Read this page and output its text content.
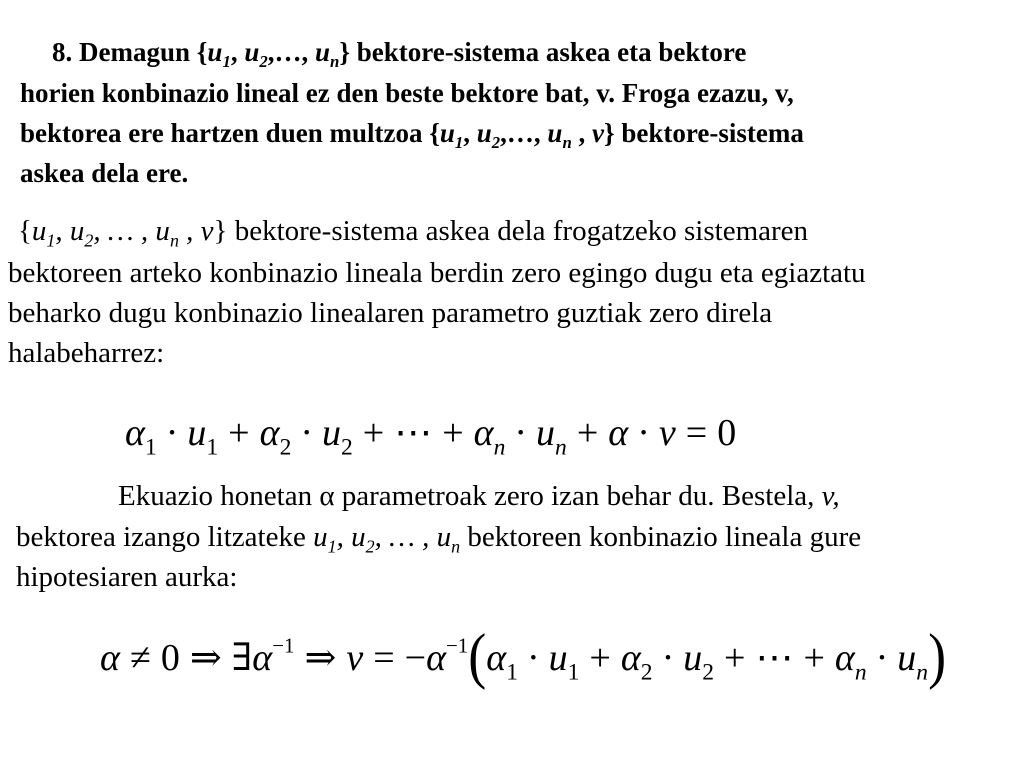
8. Demagun {$u_1$, $u_2,\dots$, $u_n$} bektore-sistema askea eta bektore
horien konbinazio lineal ez den beste bektore bat, v. Froga ezazu, v,
bektorea ere hartzen duen multzoa {$u_1$, $u_2,\dots$, $u_n$ , v} bektore-sistema
askea dela ere.
{$u_1$, $u_2$, … , $u_n$ , v} bektore-sistema askea dela frogatzeko sistemaren
bektoreen arteko konbinazio lineala berdin zero egingo dugu eta egiaztatu
beharko dugu konbinazio linealaren parametro guztiak zero direla
halabeharrez:
$\alpha_1 \cdot u_1 + \alpha_2 \cdot u_2$ + ⋯ + $\alpha_n \cdot u_n + \alpha \cdot v = 0$
Ekuazio honetan α parametroak zero izan behar du. Bestela, v,
bektorea izango litzateke $u_1$, $u_2$, … , $u_n$ bektoreen konbinazio lineala gure
hipotesiaren aurka:
α ≠ 0 ⇒ $\exists\alpha^{-1}$ ⇒ $v = -\alpha^{-1}(\alpha_1 \cdot u_1 + \alpha_2 \cdot u_2$ + ⋯ + $\alpha_n \cdot u_n$)
